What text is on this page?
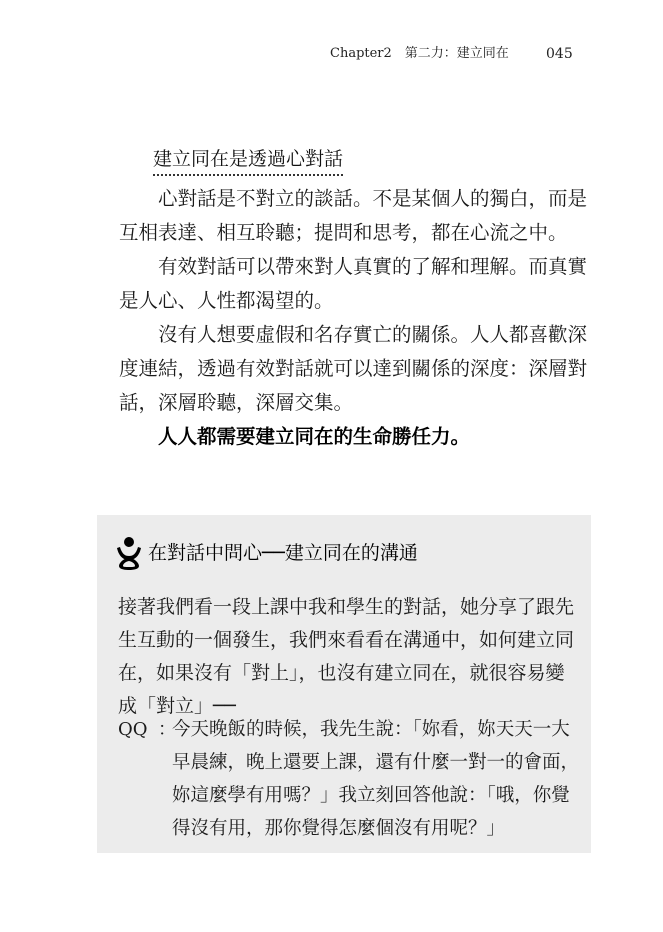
Chapter2　第二力：建立同在	045
建立同在是透過心對話

心對話是不對立的談話。不是某個人的獨白，而是互相表達、相互聆聽；提問和思考，都在心流之中。

有效對話可以帶來對人真實的了解和理解。而真實是人心、人性都渴望的。

沒有人想要虛假和名存實亡的關係。人人都喜歡深度連結，透過有效對話就可以達到關係的深度：深層對話，深層聆聽，深層交集。

人人都需要建立同在的生命勝任力。

在對話中問心──建立同在的溝通

接著我們看一段上課中我和學生的對話，她分享了跟先生互動的一個發生，我們來看看在溝通中，如何建立同在，如果沒有「對上」，也沒有建立同在，就很容易變成「對立」──

QQ ：

今天晚飯的時候，我先生說：「妳看，妳天天一大早晨練，晚上還要上課，還有什麼一對一的會面，妳這麼學有用嗎？」我立刻回答他說：「哦，你覺得沒有用，那你覺得怎麼個沒有用呢？」
